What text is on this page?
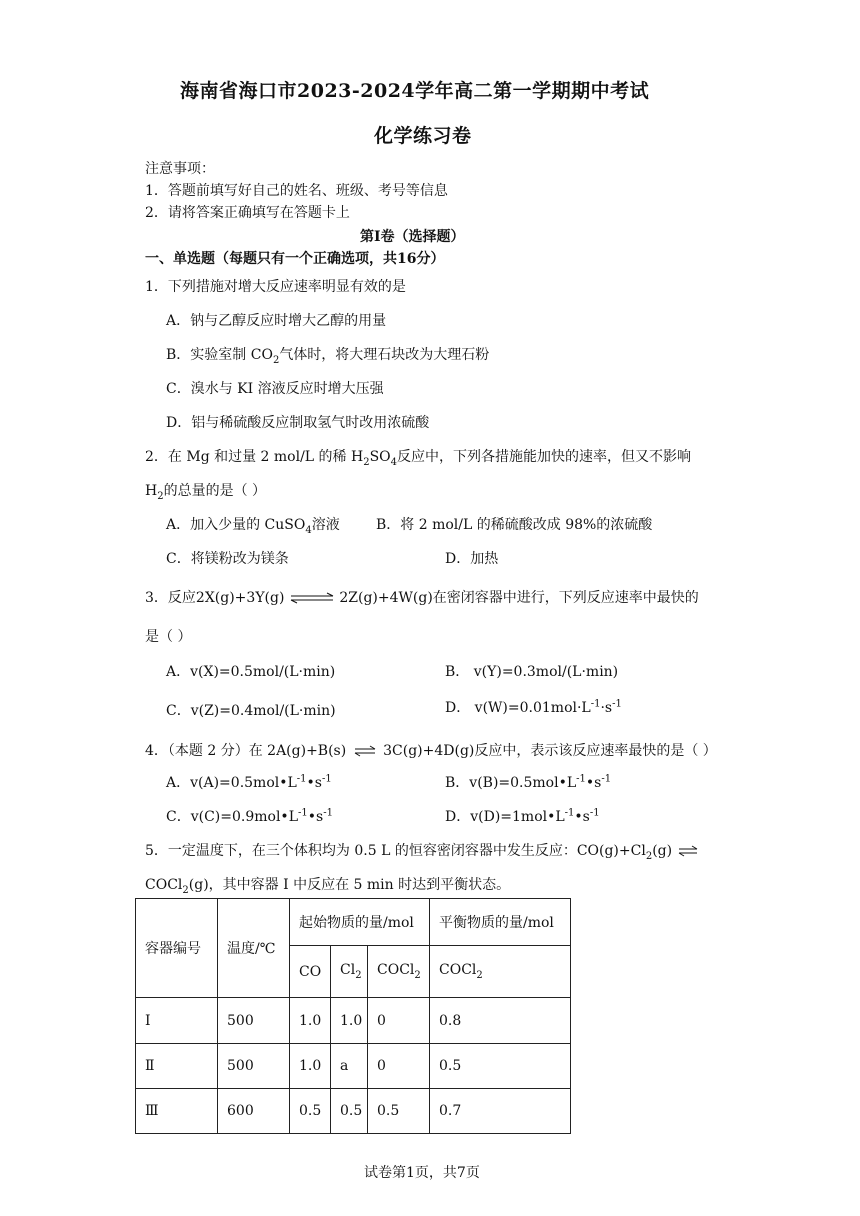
海南省海口市2023-2024学年高二第一学期期中考试
化学练习卷
注意事项：
1．答题前填写好自己的姓名、班级、考号等信息
2．请将答案正确填写在答题卡上
第I卷（选择题）
一、单选题（每题只有一个正确选项，共16分）
1．下列措施对增大反应速率明显有效的是
A．钠与乙醇反应时增大乙醇的用量
B．实验室制 $CO_2$气体时，将大理石块改为大理石粉
C．溴水与 KI 溶液反应时增大压强
D．铝与稀硫酸反应制取氢气时改用浓硫酸
2．在 Mg 和过量 2 mol/L 的稀 $H_2SO_4$反应中，下列各措施能加快的速率，但又不影响
$H_2$的总量的是（ ）
A．加入少量的 CuSO$_4$溶液	B．将 2 mol/L 的稀硫酸改成 98%的浓硫酸
C．将镁粉改为镁条	D．加热
3．反应2X(g)+3Y(g) ⇌ 2Z(g)+4W(g)在密闭容器中进行，下列反应速率中最快的
是（ ）
A．v(X)=0.5mol/(L·min)	B． v(Y)=0.3mol/(L·min)
C．v(Z)=0.4mol/(L·min)	D． $v(W)=0.01mol\cdot L^{-1}\cdot s^{-1}$
4．（本题 2 分）在 2A(g)+B(s) ⇌ 3C(g)+4D(g)反应中，表示该反应速率最快的是（ ）
A．$v(A)=0.5mol•L^{-1}•s^{-1}$	B．$v(B)=0.5mol•L^{-1}•s^{-1}$
C．$v(C)=0.9mol•L^{-1}•s^{-1}$	D．$v(D)=1mol•L^{-1}•s^{-1}$
5．一定温度下，在三个体积均为 0.5 L 的恒容密闭容器中发生反应：$CO(g)+Cl_2(g)$ ⇌
COCl$_2$(g)，其中容器 I 中反应在 5 min 时达到平衡状态。
容器编号	温度/℃	起始物质的量/mol			平衡物质的量/mol
		CO	$Cl_2$	COCl$_2$	COCl$_2$
Ⅰ	500	1.0	1.0	0	0.8
Ⅱ	500	1.0	a	0	0.5
Ⅲ	600	0.5	0.5	0.5	0.7
试卷第1页，共7页
